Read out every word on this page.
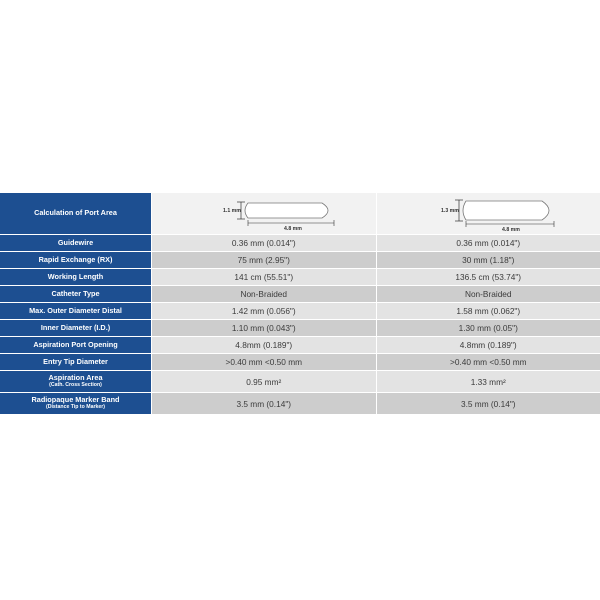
Calculation of Port Area	1.1 mm
4.8 mm
1.3 mm
4.8 mm
Guidewire	0.36 mm (0.014")	0.36 mm (0.014")
Rapid Exchange (RX)	75 mm (2.95")	30 mm (1.18")
Working Length	141 cm (55.51")	136.5 cm (53.74")
Catheter Type	Non-Braided	Non-Braided
Max. Outer Diameter Distal	1.42 mm (0.056")	1.58 mm (0.062")
Inner Diameter (I.D.)	1.10 mm (0.043")	1.30 mm (0.05")
Aspiration Port Opening	4.8mm (0.189")	4.8mm (0.189")
Entry Tip Diameter	>0.40 mm <0.50 mm	>0.40 mm <0.50 mm
Aspiration Area
(Cath. Cross Section)	0.95 mm²	1.33 mm²
Radiopaque Marker Band
(Distance Tip to Marker)	3.5 mm (0.14")	3.5 mm (0.14")
